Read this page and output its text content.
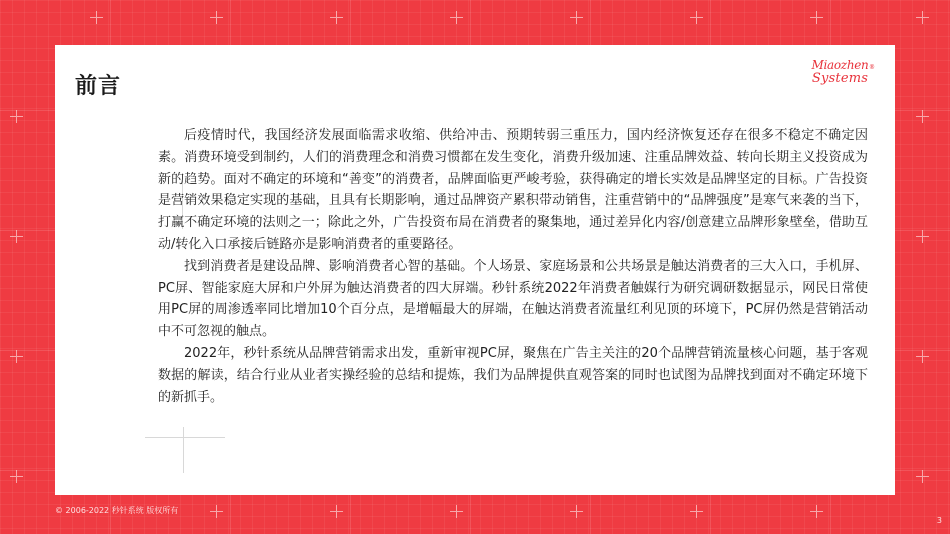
前言
Miaozhen
Systems
®

后疫情时代，我国经济发展面临需求收缩、供给冲击、预期转弱三重压力，国内经济恢复还存在很多不稳定不确定因素。消费环境受到制约，人们的消费理念和消费习惯都在发生变化，消费升级加速、注重品牌效益、转向长期主义投资成为新的趋势。面对不确定的环境和“善变”的消费者，品牌面临更严峻考验，获得确定的增长实效是品牌坚定的目标。广告投资是营销效果稳定实现的基础，且具有长期影响，通过品牌资产累积带动销售，注重营销中的“品牌强度”是寒气来袭的当下，打赢不确定环境的法则之一；除此之外，广告投资布局在消费者的聚集地，通过差异化内容/创意建立品牌形象壁垒，借助互动/转化入口承接后链路亦是影响消费者的重要路径。

找到消费者是建设品牌、影响消费者心智的基础。个人场景、家庭场景和公共场景是触达消费者的三大入口，手机屏、PC屏、智能家庭大屏和户外屏为触达消费者的四大屏端。秒针系统2022年消费者触媒行为研究调研数据显示，网民日常使用PC屏的周渗透率同比增加10个百分点，是增幅最大的屏端，在触达消费者流量红利见顶的环境下，PC屏仍然是营销活动中不可忽视的触点。

2022年，秒针系统从品牌营销需求出发，重新审视PC屏，聚焦在广告主关注的20个品牌营销流量核心问题，基于客观数据的解读，结合行业从业者实操经验的总结和提炼，我们为品牌提供直观答案的同时也试图为品牌找到面对不确定环境下的新抓手。

© 2006-2022 秒针系统 版权所有
3
